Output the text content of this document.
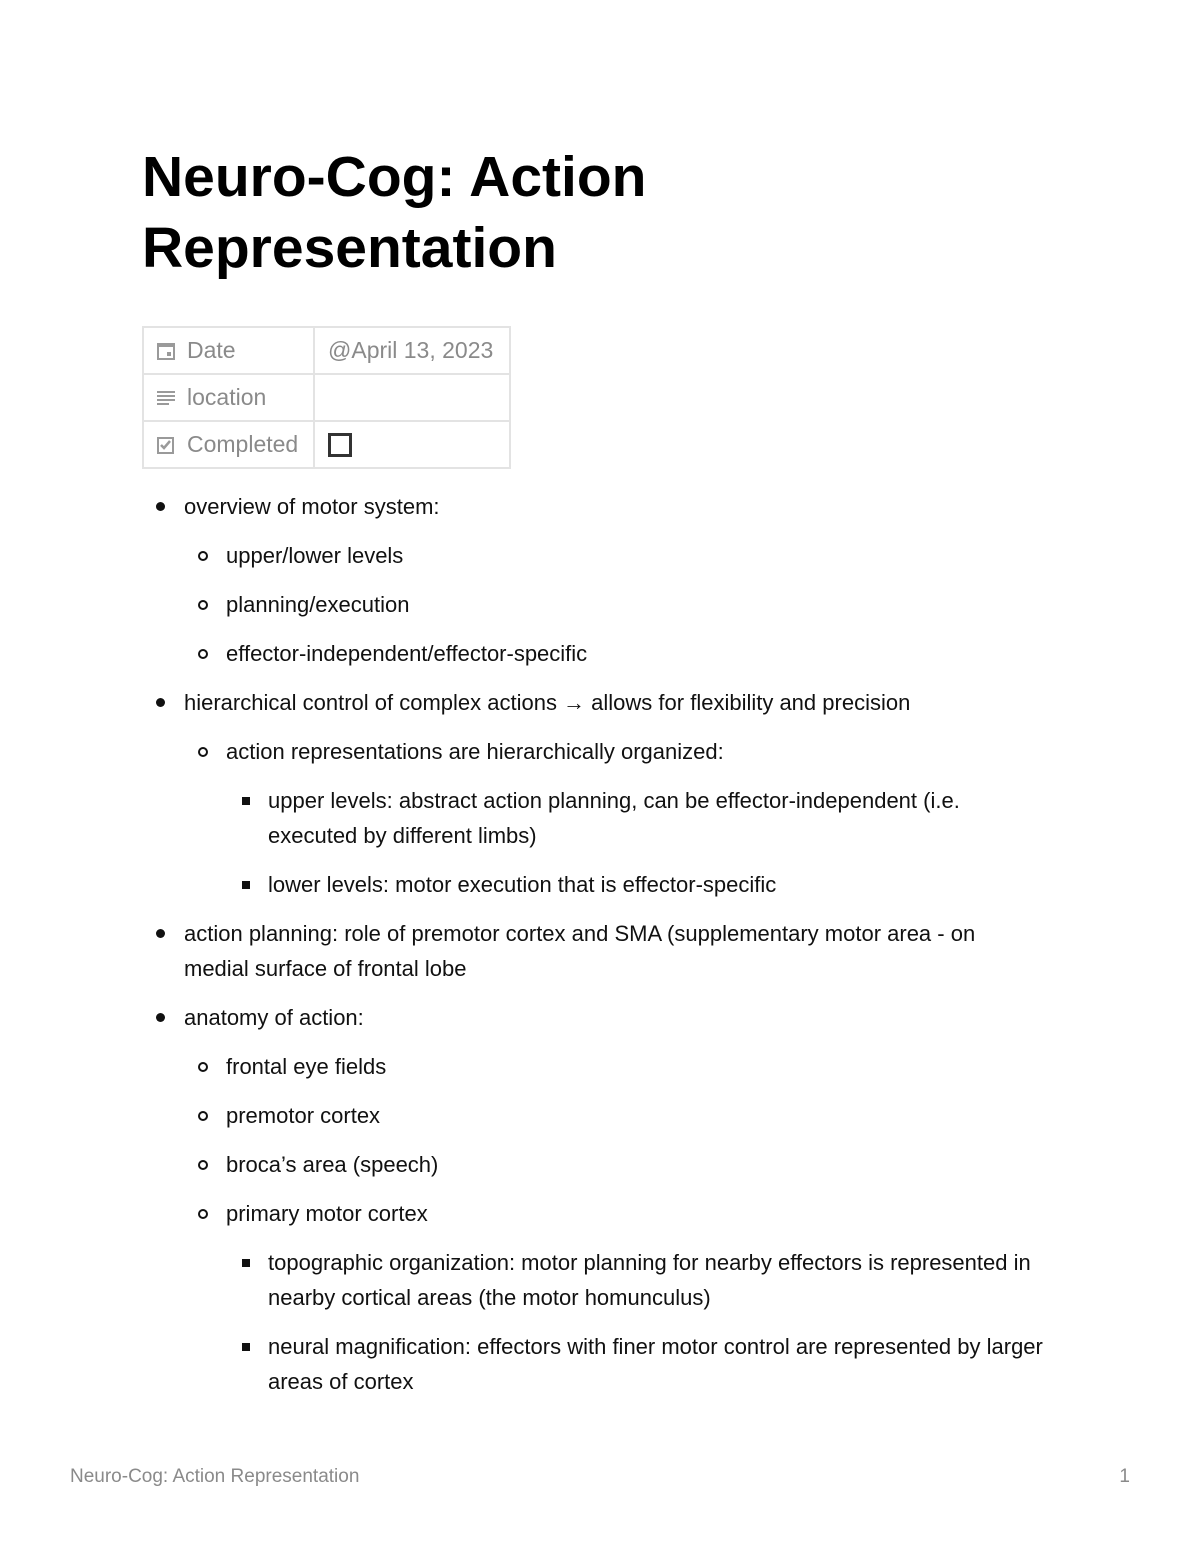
Neuro-Cog: Action Representation
Date	@April 13, 2023

location	

Completed	

overview of motor system:
upper/lower levels
planning/execution
effector-independent/effector-specific
hierarchical control of complex actions → allows for flexibility and precision
action representations are hierarchically organized:
upper levels: abstract action planning, can be effector-independent (i.e. executed by different limbs)
lower levels: motor execution that is effector-specific
action planning: role of premotor cortex and SMA (supplementary motor area - on medial surface of frontal lobe
anatomy of action:
frontal eye fields
premotor cortex
broca’s area (speech)
primary motor cortex
topographic organization: motor planning for nearby effectors is represented in nearby cortical areas (the motor homunculus)
neural magnification: effectors with finer motor control are represented by larger areas of cortex
Neuro-Cog: Action Representation	1
